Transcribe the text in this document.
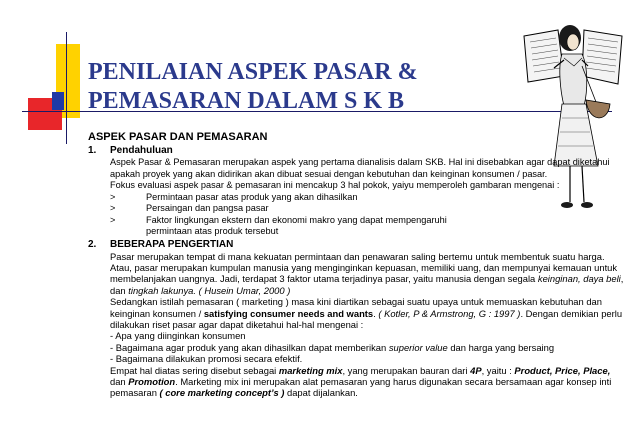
PENILAIAN ASPEK PASAR &
PEMASARAN DALAM S K B
ASPEK PASAR DAN PEMASARAN
1.	Pendahuluan
Aspek Pasar & Pemasaran merupakan aspek yang pertama dianalisis dalam SKB. Hal ini disebabkan agar dapat diketahui apakah proyek yang akan didirikan akan dibuat sesuai dengan kebutuhan dan keinginan konsumen / pasar.
Fokus evaluasi aspek pasar & pemasaran ini mencakup 3 hal pokok, yaiyu memperoleh gambaran mengenai :
>	Permintaan pasar atas produk yang akan dihasilkan
>	Persaingan dan pangsa pasar
>	Faktor lingkungan ekstern dan ekonomi makro yang dapat mempengaruhi permintaan atas produk tersebut
2.	BEBERAPA PENGERTIAN
Pasar merupakan tempat di mana kekuatan permintaan dan penawaran saling bertemu untuk membentuk suatu harga. Atau, pasar merupakan kumpulan manusia yang menginginkan kepuasan, memiliki uang, dan mempunyai kemauan untuk membelanjakan uangnya. Jadi, terdapat 3 faktor utama terjadinya pasar, yaitu manusia dengan segala keinginan, daya beli, dan tingkah lakunya. ( Husein Umar, 2000 )
Sedangkan istilah pemasaran ( marketing ) masa kini diartikan sebagai suatu upaya untuk memuaskan kebutuhan dan keinginan konsumen / satisfying consumer needs and wants. ( Kotler, P & Armstrong, G : 1997 ). Dengan demikian perlu dilakukan riset pasar agar dapat diketahui hal-hal mengenai :
- Apa yang diinginkan konsumen
- Bagaimana agar produk yang akan dihasilkan dapat memberikan superior value dan harga yang bersaing
- Bagaimana dilakukan promosi secara efektif.
Empat hal diatas sering disebut sebagai marketing mix, yang merupakan bauran dari 4P, yaitu : Product, Price, Place, dan Promotion. Marketing mix ini merupakan alat pemasaran yang harus digunakan secara bersamaan agar konsep inti pemasaran ( core marketing concept’s ) dapat dijalankan.
